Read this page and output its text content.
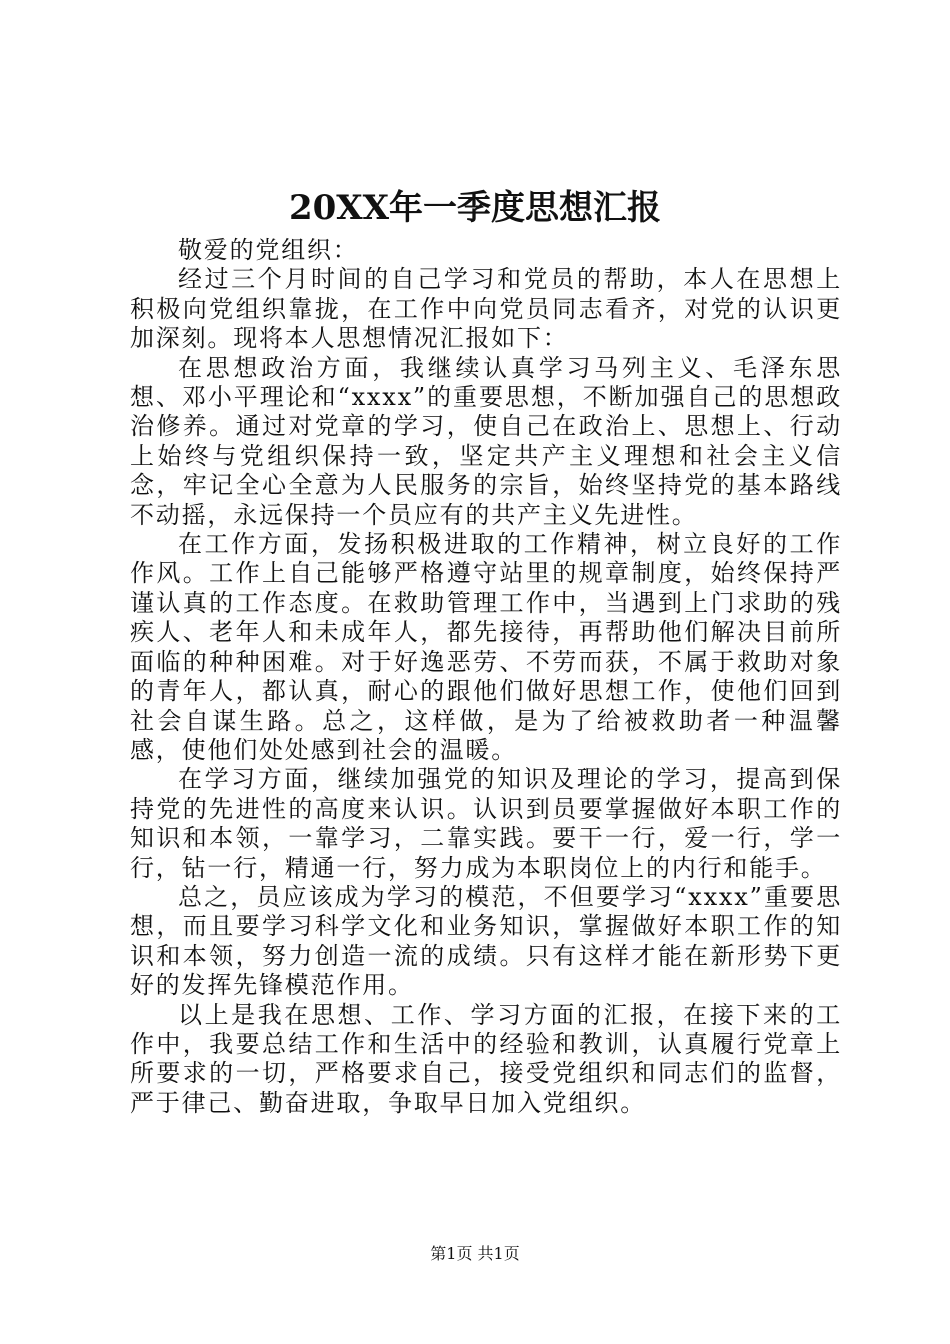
20XX年一季度思想汇报

敬爱的党组织：

经过三个月时间的自己学习和党员的帮助，本人在思想上积极向党组织靠拢，在工作中向党员同志看齐，对党的认识更加深刻。现将本人思想情况汇报如下：

在思想政治方面，我继续认真学习马列主义、毛泽东思想、邓小平理论和“xxxx”的重要思想，不断加强自己的思想政治修养。通过对党章的学习，使自己在政治上、思想上、行动上始终与党组织保持一致，坚定共产主义理想和社会主义信念，牢记全心全意为人民服务的宗旨，始终坚持党的基本路线不动摇，永远保持一个员应有的共产主义先进性。

在工作方面，发扬积极进取的工作精神，树立良好的工作作风。工作上自己能够严格遵守站里的规章制度，始终保持严谨认真的工作态度。在救助管理工作中，当遇到上门求助的残疾人、老年人和未成年人，都先接待，再帮助他们解决目前所面临的种种困难。对于好逸恶劳、不劳而获，不属于救助对象的青年人，都认真，耐心的跟他们做好思想工作，使他们回到社会自谋生路。总之，这样做，是为了给被救助者一种温馨感，使他们处处感到社会的温暖。

在学习方面，继续加强党的知识及理论的学习，提高到保持党的先进性的高度来认识。认识到员要掌握做好本职工作的知识和本领，一靠学习，二靠实践。要干一行，爱一行，学一行，钻一行，精通一行，努力成为本职岗位上的内行和能手。

总之，员应该成为学习的模范，不但要学习“xxxx”重要思想，而且要学习科学文化和业务知识，掌握做好本职工作的知识和本领，努力创造一流的成绩。只有这样才能在新形势下更好的发挥先锋模范作用。

以上是我在思想、工作、学习方面的汇报，在接下来的工作中，我要总结工作和生活中的经验和教训，认真履行党章上所要求的一切，严格要求自己，接受党组织和同志们的监督，严于律己、勤奋进取，争取早日加入党组织。

第1页 共1页
